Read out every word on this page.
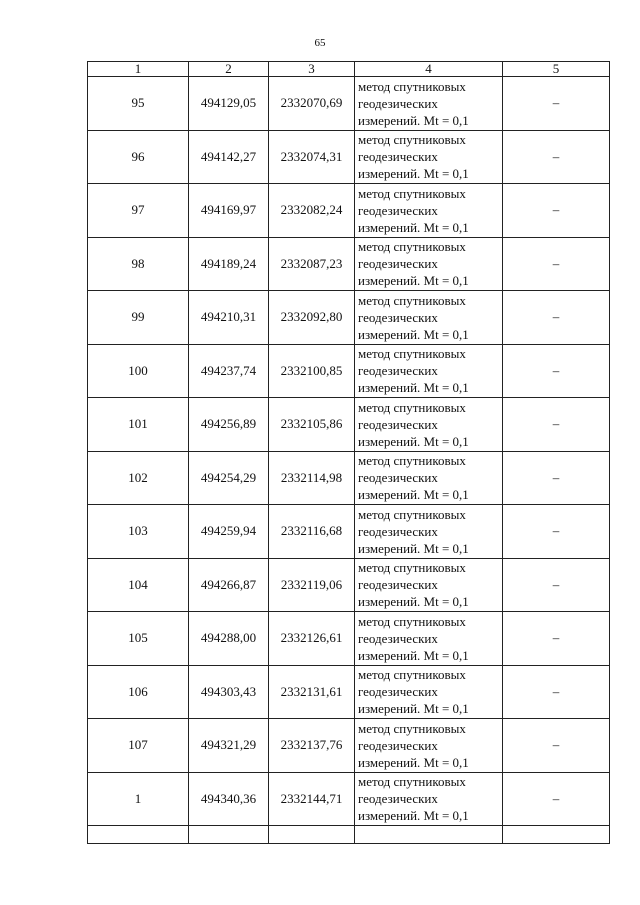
65
1	2	3	4	5
95	494129,05	2332070,69	метод спутниковых
геодезических
измерений. Mt = 0,1	–
96	494142,27	2332074,31	метод спутниковых
геодезических
измерений. Mt = 0,1	–
97	494169,97	2332082,24	метод спутниковых
геодезических
измерений. Mt = 0,1	–
98	494189,24	2332087,23	метод спутниковых
геодезических
измерений. Mt = 0,1	–
99	494210,31	2332092,80	метод спутниковых
геодезических
измерений. Mt = 0,1	–
100	494237,74	2332100,85	метод спутниковых
геодезических
измерений. Mt = 0,1	–
101	494256,89	2332105,86	метод спутниковых
геодезических
измерений. Mt = 0,1	–
102	494254,29	2332114,98	метод спутниковых
геодезических
измерений. Mt = 0,1	–
103	494259,94	2332116,68	метод спутниковых
геодезических
измерений. Mt = 0,1	–
104	494266,87	2332119,06	метод спутниковых
геодезических
измерений. Mt = 0,1	–
105	494288,00	2332126,61	метод спутниковых
геодезических
измерений. Mt = 0,1	–
106	494303,43	2332131,61	метод спутниковых
геодезических
измерений. Mt = 0,1	–
107	494321,29	2332137,76	метод спутниковых
геодезических
измерений. Mt = 0,1	–
1	494340,36	2332144,71	метод спутниковых
геодезических
измерений. Mt = 0,1	–
